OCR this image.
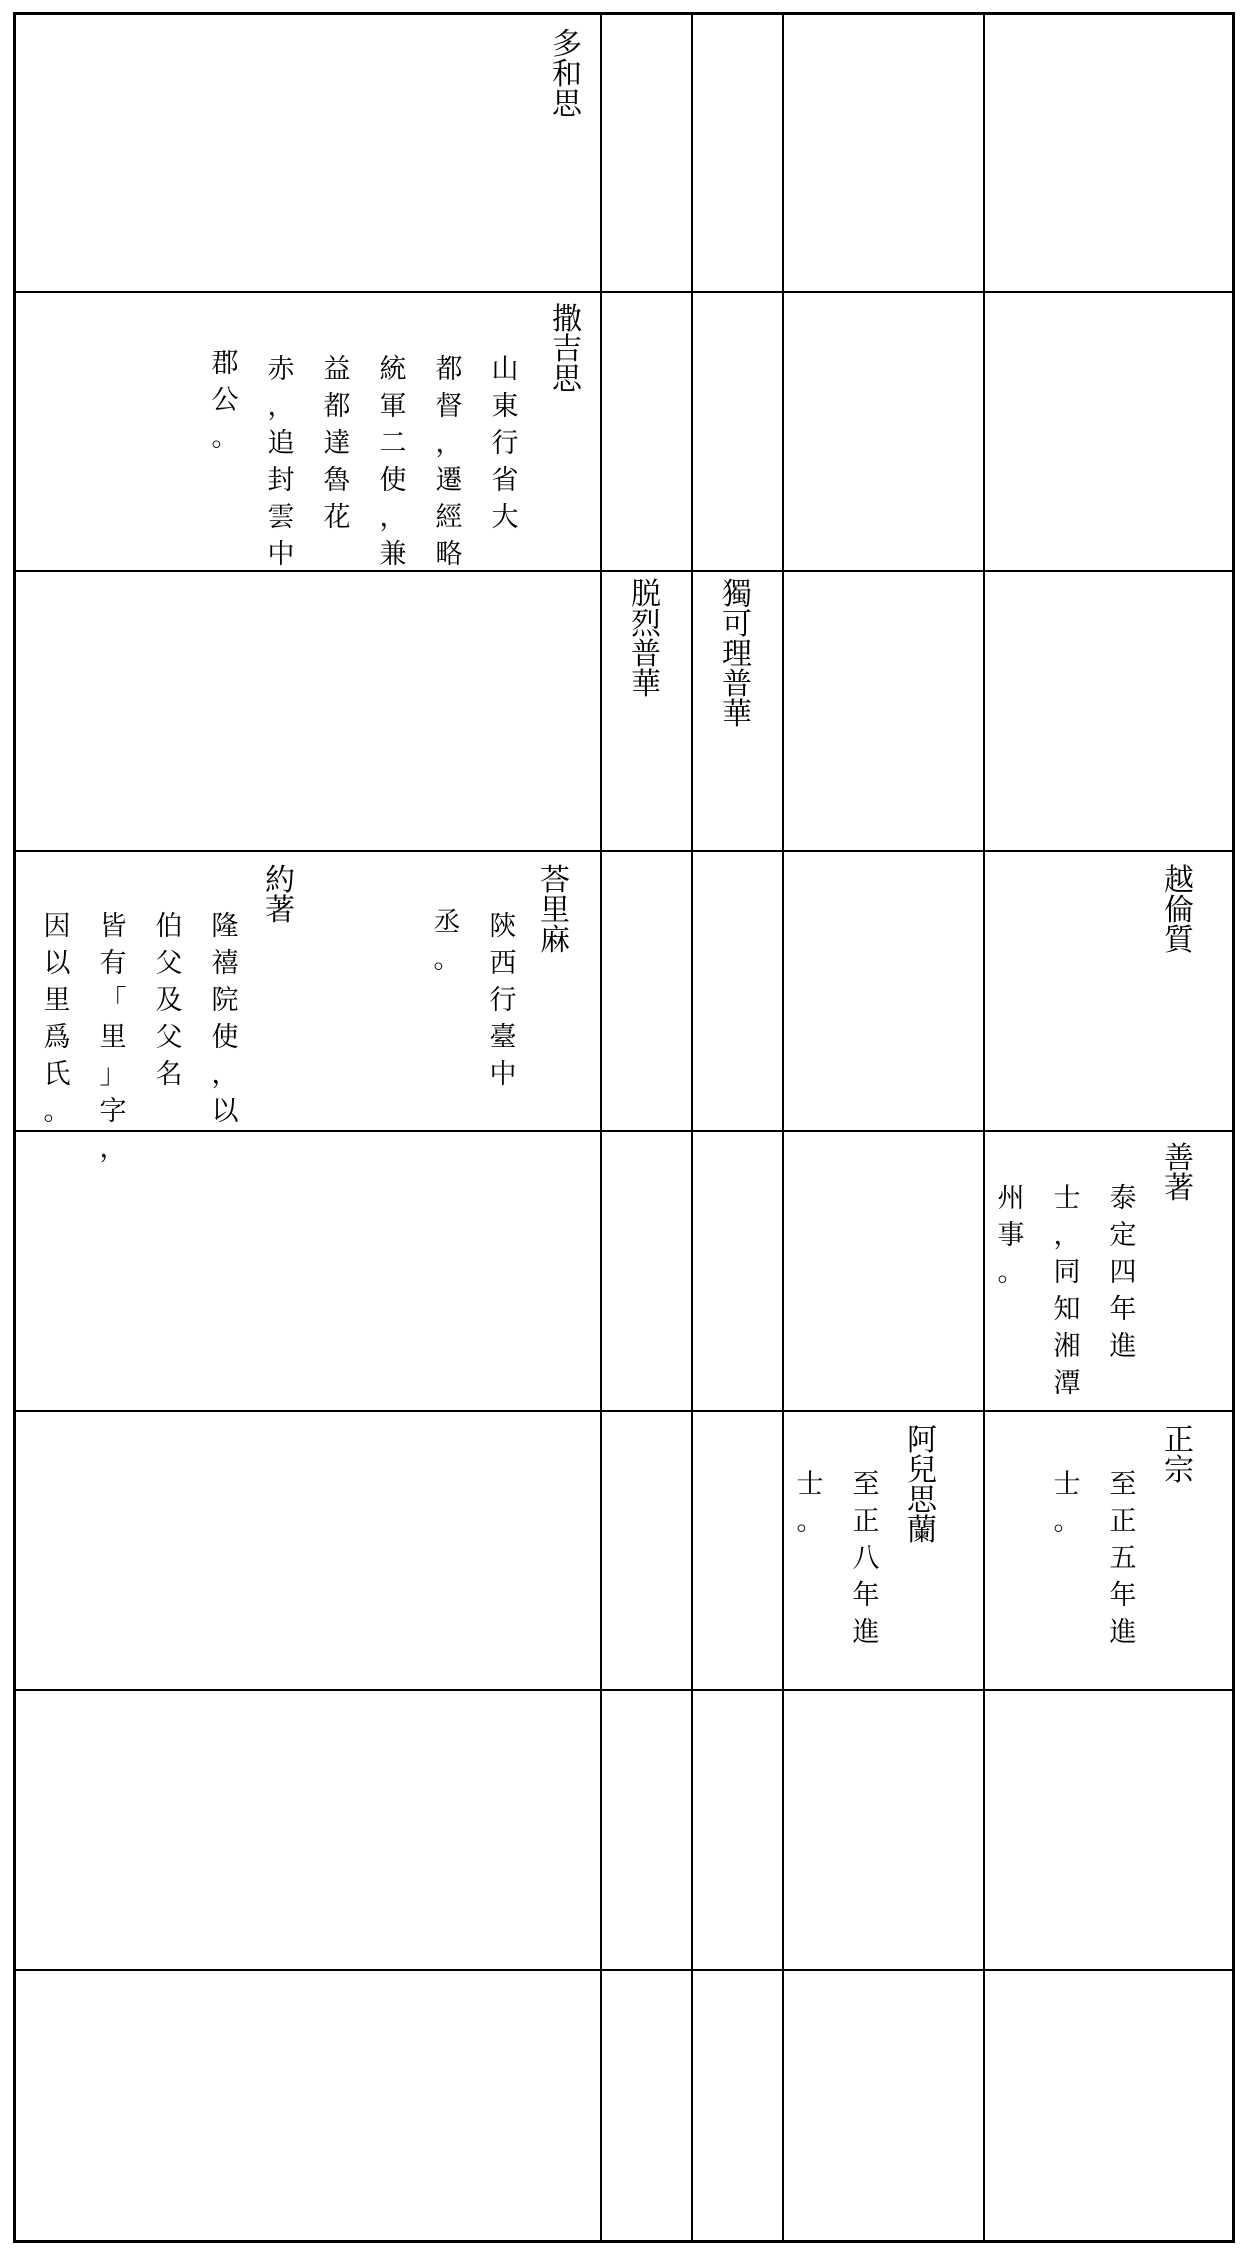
多
和
思
撒
吉
思
山
東
行
省
大
都
督
，
遷
經
略
統
軍
二
使
，
兼
益
都
達
魯
花
赤
，
追
封
雲
中
郡
公
。
脱
烈
普
華
獨
可
理
普
華
荅
里
麻
陝
西
行
臺
中
丞
。
約
著
隆
禧
院
使
，
以
伯
父
及
父
名
皆
有
「
里
」
字
，
因
以
里
爲
氏
。
越
倫
質
善
著
泰
定
四
年
進
士
，
同
知
湘
潭
州
事
。
阿
兒
思
蘭
至
正
八
年
進
士
。
正
宗
至
正
五
年
進
士
。
